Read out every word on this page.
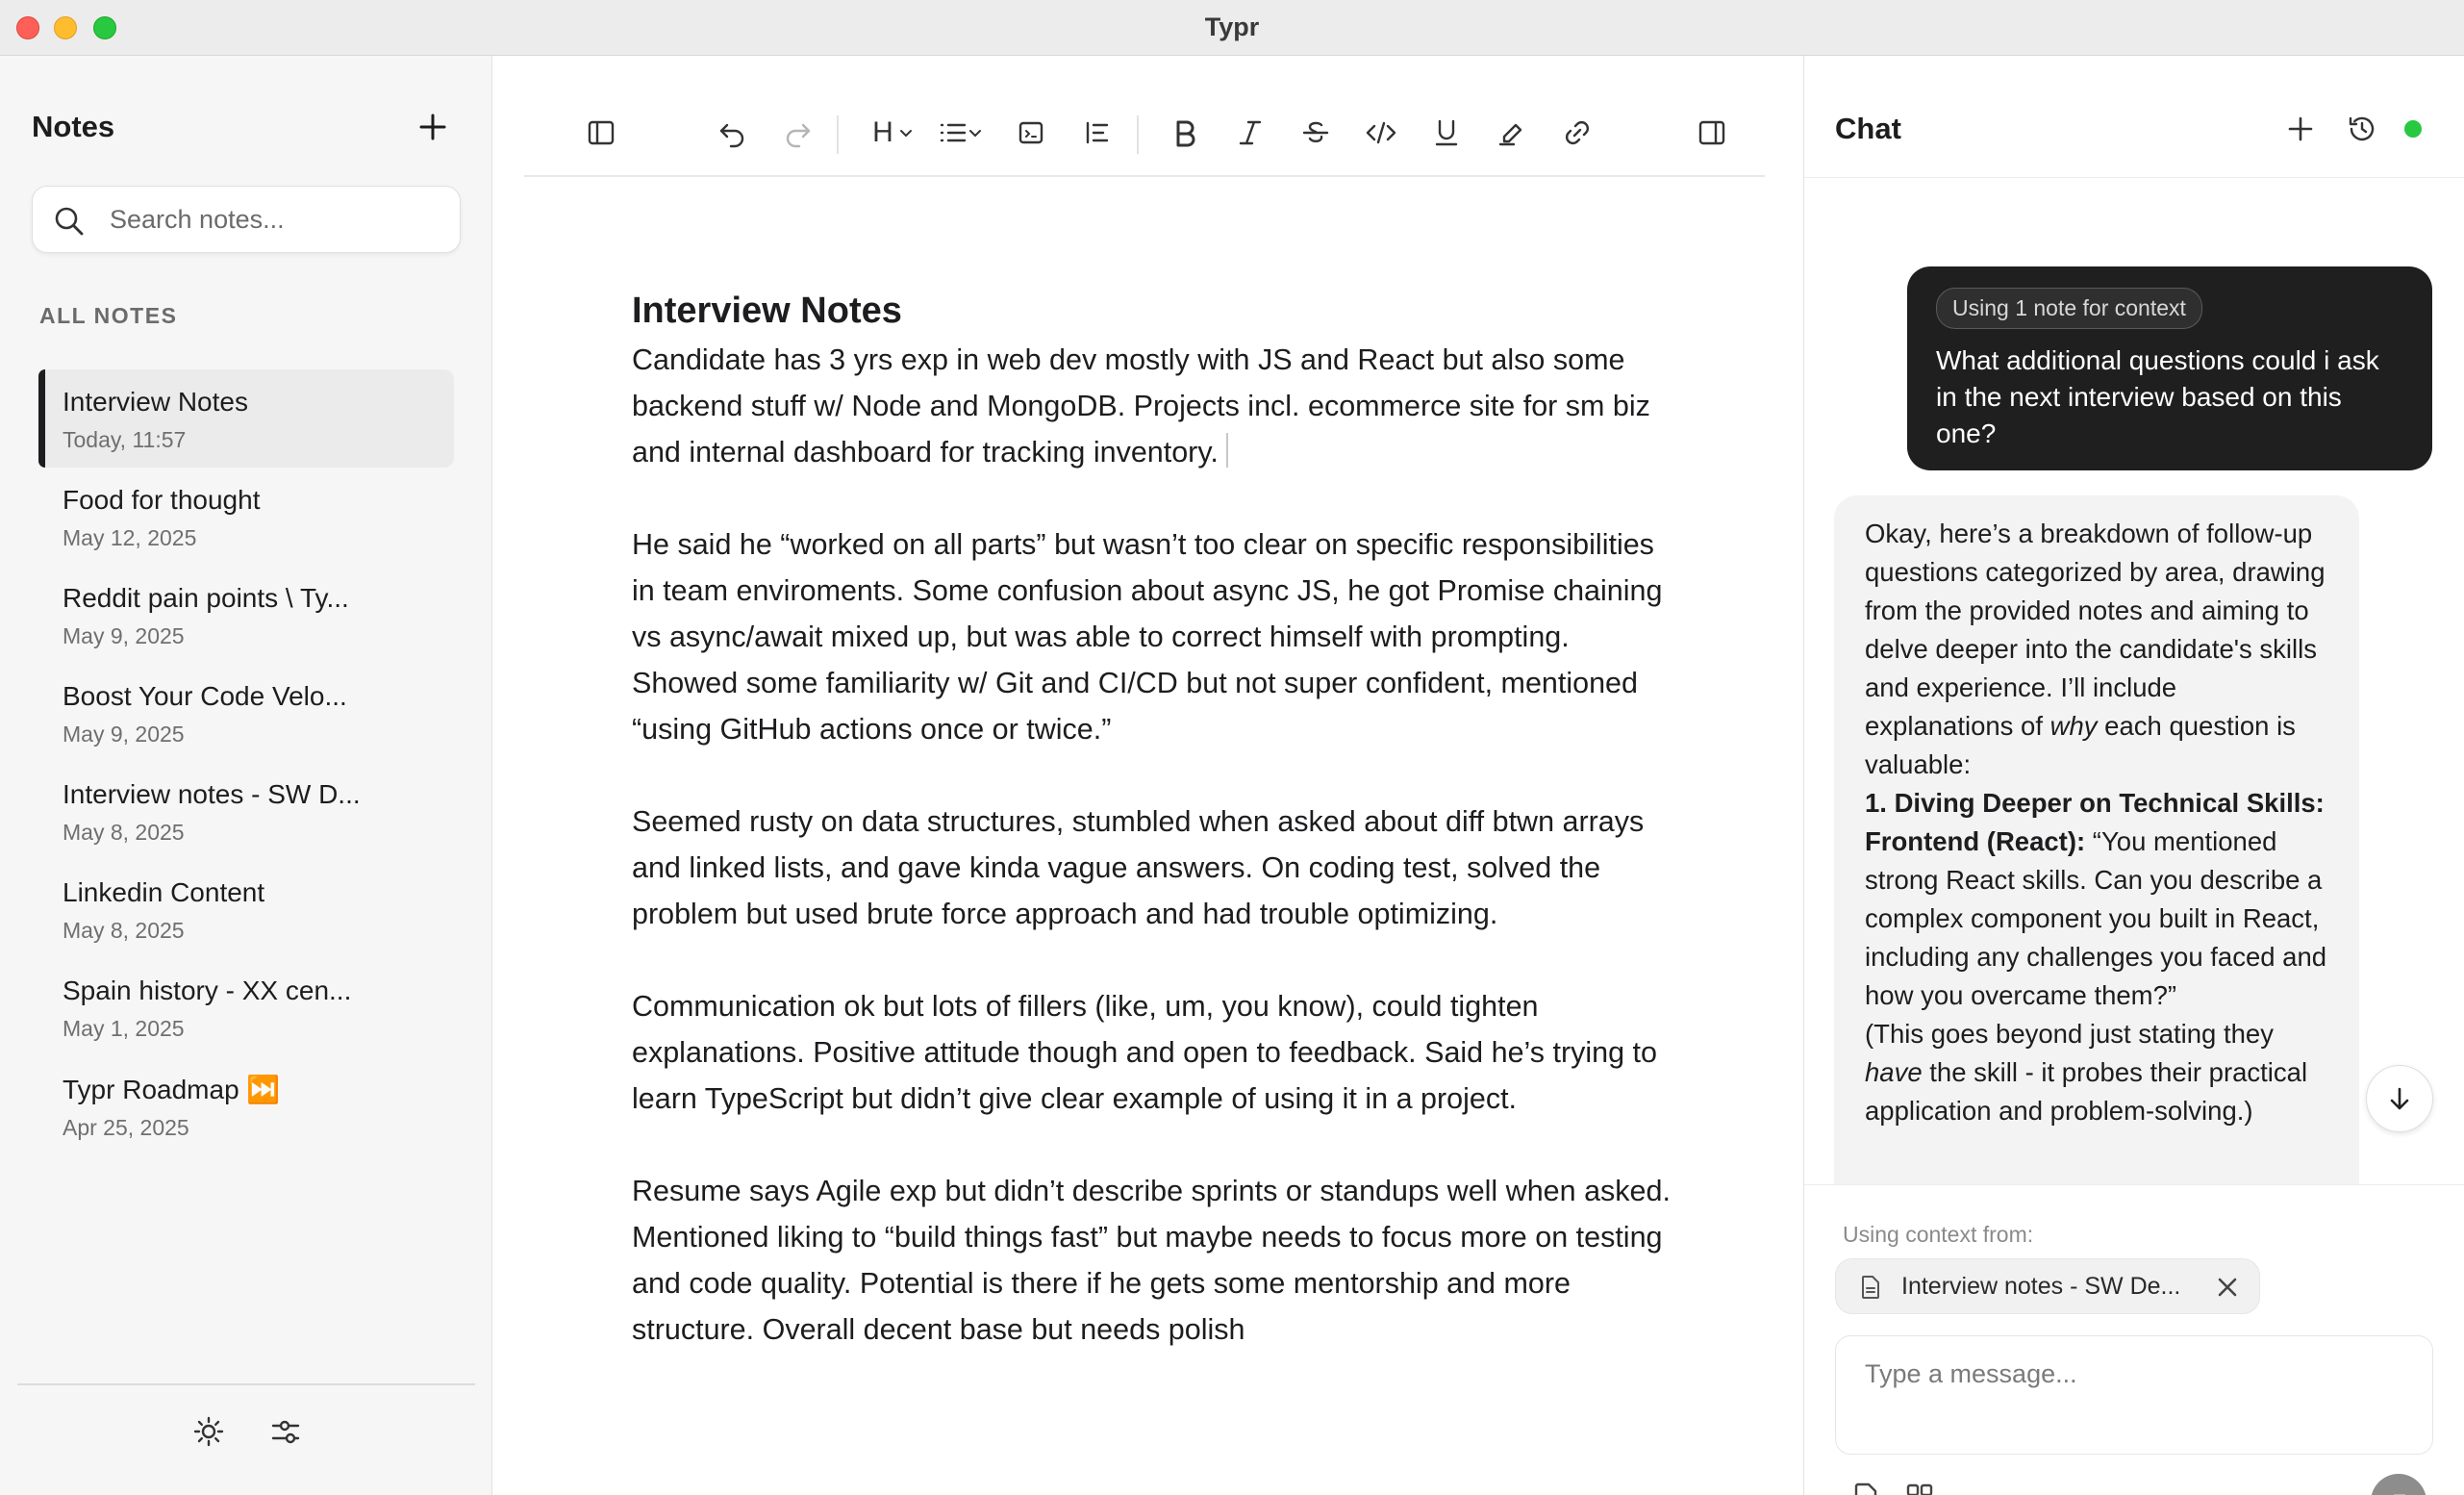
Typr
Notes
Search notes...
ALL NOTES
Interview Notes
Today, 11:57
Food for thought
May 12, 2025
Reddit pain points \ Ty...
May 9, 2025
Boost Your Code Velo...
May 9, 2025
Interview notes - SW D...
May 8, 2025
Linkedin Content
May 8, 2025
Spain history - XX cen...
May 1, 2025
Typr Roadmap ⏭️
Apr 25, 2025
H
Interview Notes

Candidate has 3 yrs exp in web dev mostly with JS and React but also some backend stuff w/ Node and MongoDB. Projects incl. ecommerce site for sm biz and internal dashboard for tracking inventory.

He said he “worked on all parts” but wasn’t too clear on specific responsibilities in team enviroments. Some confusion about async JS, he got Promise chaining vs async/await mixed up, but was able to correct himself with prompting. Showed some familiarity w/ Git and CI/CD but not super confident, mentioned “using GitHub actions once or twice.”

Seemed rusty on data structures, stumbled when asked about diff btwn arrays and linked lists, and gave kinda vague answers. On coding test, solved the problem but used brute force approach and had trouble optimizing.

Communication ok but lots of fillers (like, um, you know), could tighten explanations. Positive attitude though and open to feedback. Said he’s trying to learn TypeScript but didn’t give clear example of using it in a project.

Resume says Agile exp but didn’t describe sprints or standups well when asked. Mentioned liking to “build things fast” but maybe needs to focus more on testing and code quality. Potential is there if he gets some mentorship and more structure. Overall decent base but needs polish

Chat
Using 1 note for context
What additional questions could i ask in the next interview based on this one?
Okay, here’s a breakdown of follow-up questions categorized by area, drawing from the provided notes and aiming to delve deeper into the candidate's skills and experience. I’ll include explanations of why each question is valuable:
1. Diving Deeper on Technical Skills:
Frontend (React): “You mentioned strong React skills. Can you describe a complex component you built in React, including any challenges you faced and how you overcame them?”
(This goes beyond just stating they have the skill - it probes their practical application and problem-solving.)
Using context from:
Interview notes - SW De...
Type a message...
